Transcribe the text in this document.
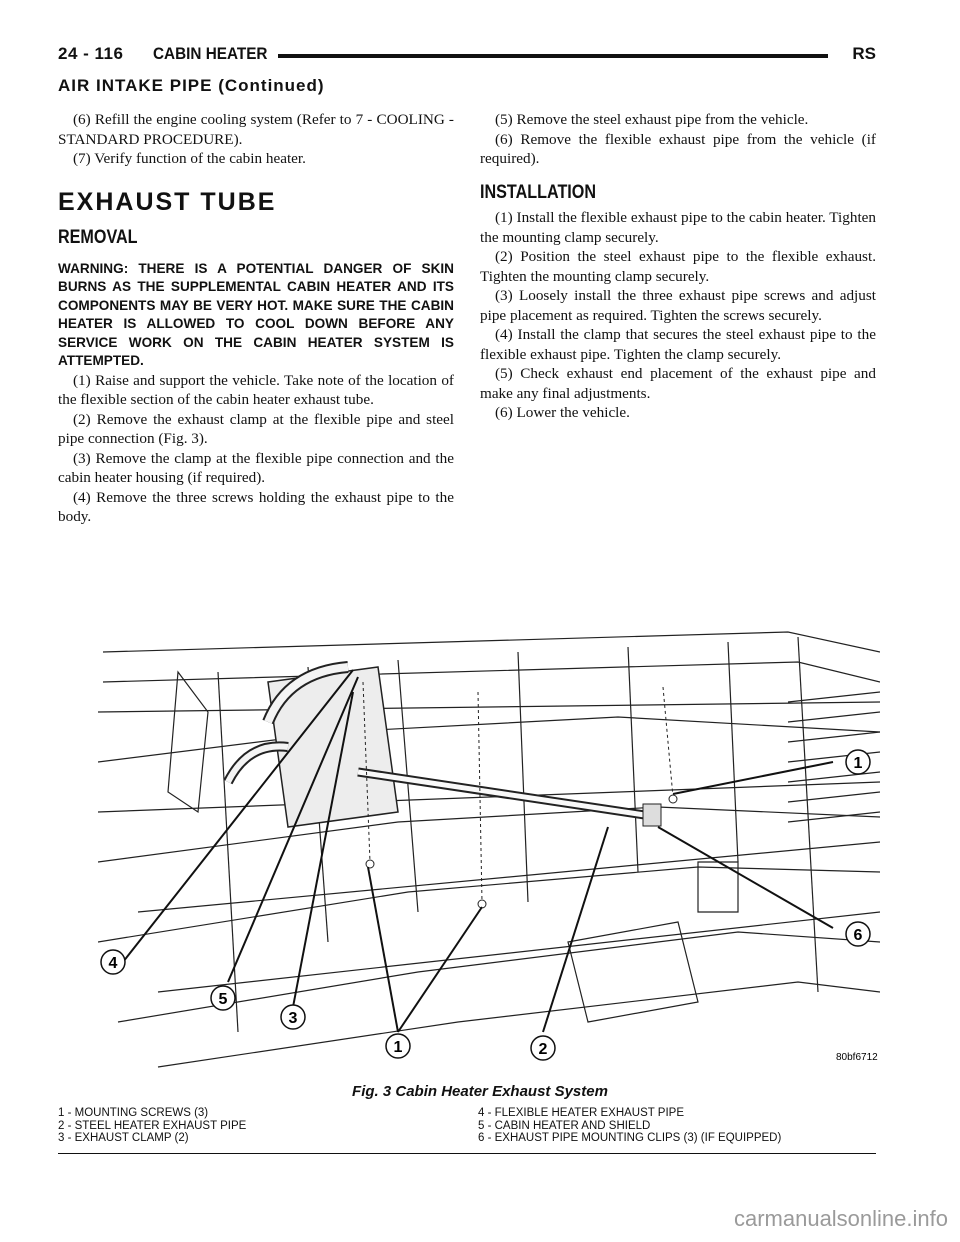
24 - 116 CABIN HEATER	RS
AIR INTAKE PIPE (Continued)

(6) Refill the engine cooling system (Refer to 7 - COOLING - STANDARD PROCEDURE).

(7) Verify function of the cabin heater.

EXHAUST TUBE
REMOVAL

WARNING: THERE IS A POTENTIAL DANGER OF SKIN BURNS AS THE SUPPLEMENTAL CABIN HEATER AND ITS COMPONENTS MAY BE VERY HOT. MAKE SURE THE CABIN HEATER IS ALLOWED TO COOL DOWN BEFORE ANY SERVICE WORK ON THE CABIN HEATER SYSTEM IS ATTEMPTED.

(1) Raise and support the vehicle. Take note of the location of the flexible section of the cabin heater exhaust tube.

(2) Remove the exhaust clamp at the flexible pipe and steel pipe connection (Fig. 3).

(3) Remove the clamp at the flexible pipe connection and the cabin heater housing (if required).

(4) Remove the three screws holding the exhaust pipe to the body.

(5) Remove the steel exhaust pipe from the vehicle.

(6) Remove the flexible exhaust pipe from the vehicle (if required).

INSTALLATION

(1) Install the flexible exhaust pipe to the cabin heater. Tighten the mounting clamp securely.

(2) Position the steel exhaust pipe to the flexible exhaust. Tighten the mounting clamp securely.

(3) Loosely install the three exhaust pipe screws and adjust pipe placement as required. Tighten the screws securely.

(4) Install the clamp that secures the steel exhaust pipe to the flexible exhaust pipe. Tighten the clamp securely.

(5) Check exhaust end placement of the exhaust pipe and make any final adjustments.

(6) Lower the vehicle.

1
6
4
5
3
1	2	80bf6712
Fig. 3 Cabin Heater Exhaust System
1 - MOUNTING SCREWS (3)
2 - STEEL HEATER EXHAUST PIPE
3 - EXHAUST CLAMP (2)
4 - FLEXIBLE HEATER EXHAUST PIPE
5 - CABIN HEATER AND SHIELD
6 - EXHAUST PIPE MOUNTING CLIPS (3) (IF EQUIPPED)
carmanualsonline.info
